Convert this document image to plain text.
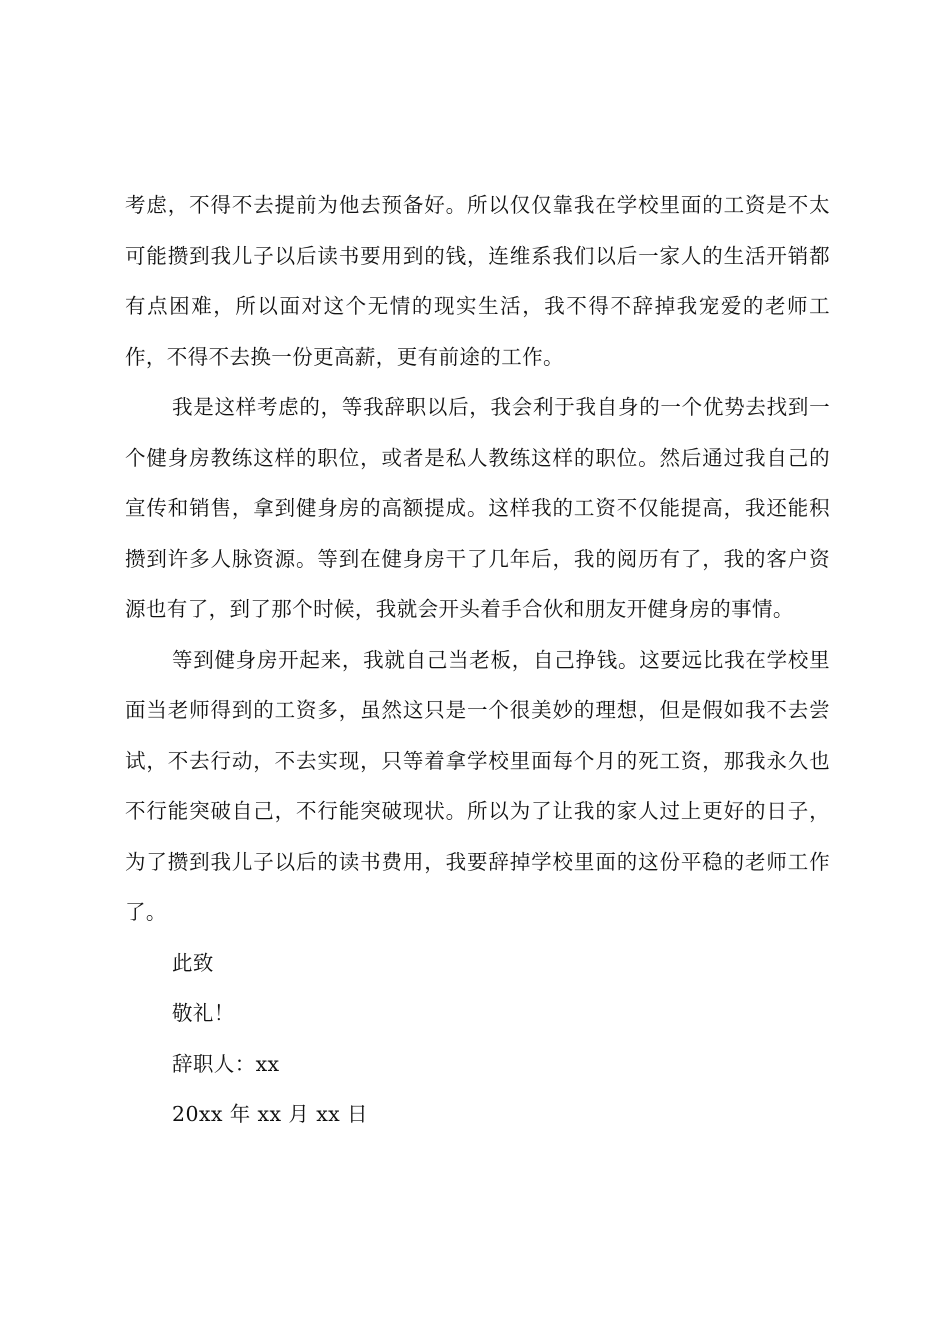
考虑，不得不去提前为他去预备好。所以仅仅靠我在学校里面的工资是不太可能攒到我儿子以后读书要用到的钱，连维系我们以后一家人的生活开销都有点困难，所以面对这个无情的现实生活，我不得不辞掉我宠爱的老师工作，不得不去换一份更高薪，更有前途的工作。

我是这样考虑的，等我辞职以后，我会利于我自身的一个优势去找到一个健身房教练这样的职位，或者是私人教练这样的职位。然后通过我自己的宣传和销售，拿到健身房的高额提成。这样我的工资不仅能提高，我还能积攒到许多人脉资源。等到在健身房干了几年后，我的阅历有了，我的客户资源也有了，到了那个时候，我就会开头着手合伙和朋友开健身房的事情。

等到健身房开起来，我就自己当老板，自己挣钱。这要远比我在学校里面当老师得到的工资多，虽然这只是一个很美妙的理想，但是假如我不去尝试，不去行动，不去实现，只等着拿学校里面每个月的死工资，那我永久也不行能突破自己，不行能突破现状。所以为了让我的家人过上更好的日子，为了攒到我儿子以后的读书费用，我要辞掉学校里面的这份平稳的老师工作了。

此致

敬礼！

辞职人：xx

20xx 年 xx 月 xx 日
